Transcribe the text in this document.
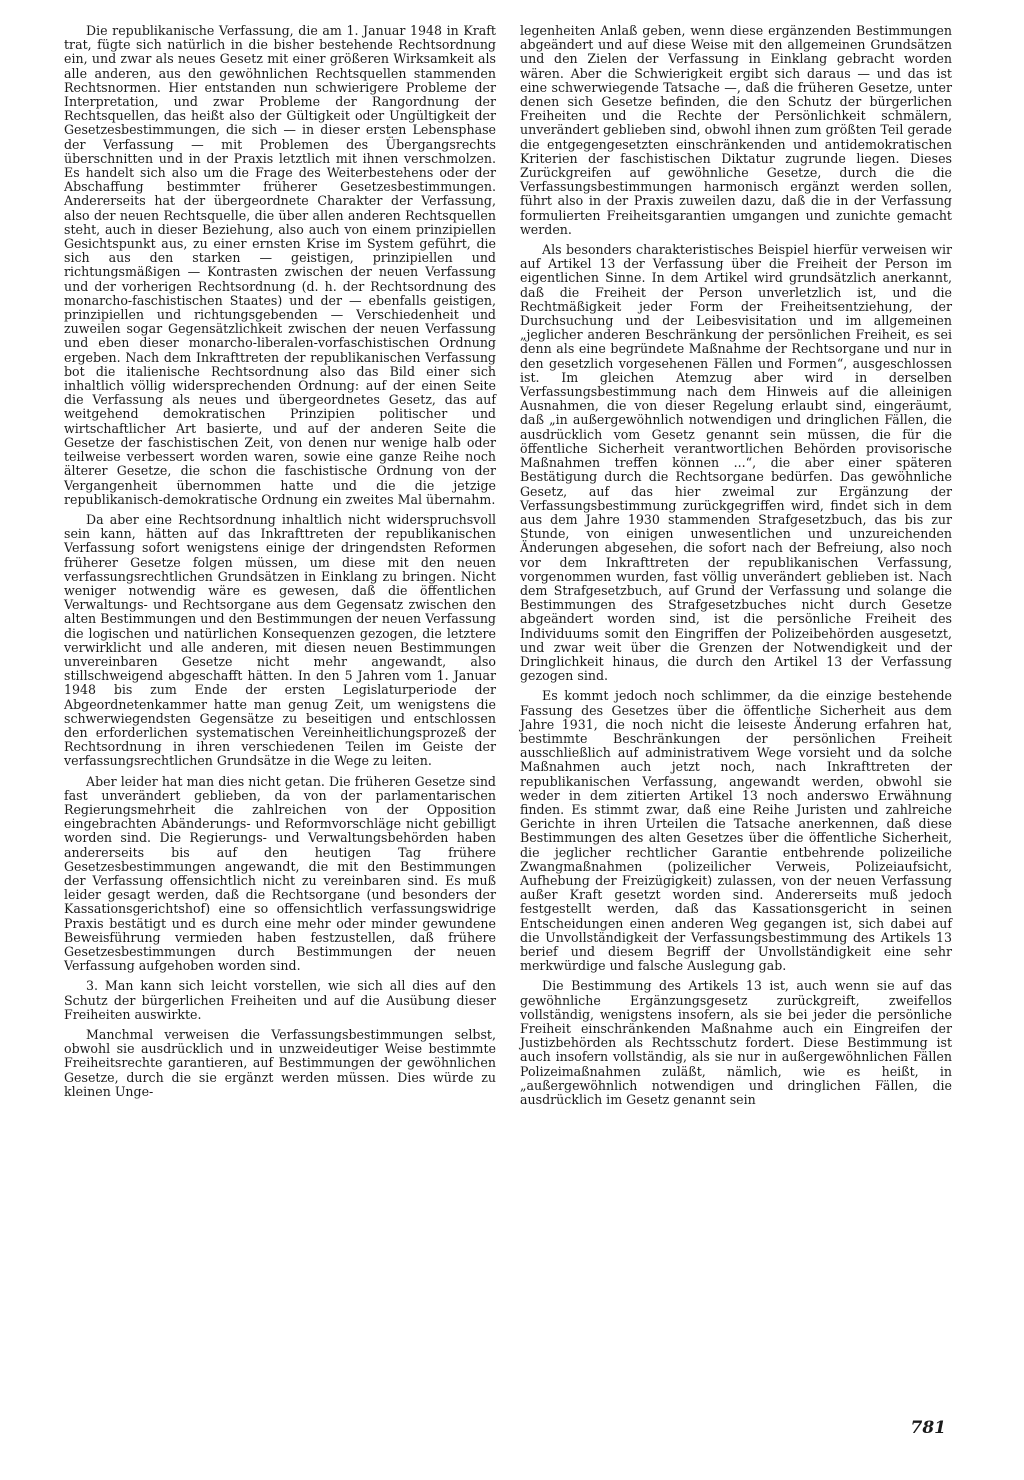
Die republikanische Verfassung, die am 1. Januar 1948 in Kraft trat, fügte sich natürlich in die bisher bestehende Rechtsordnung ein, und zwar als neues Gesetz mit einer größeren Wirksamkeit als alle anderen, aus den gewöhnlichen Rechtsquellen stammenden Rechtsnormen. Hier entstanden nun schwierigere Probleme der Interpretation, und zwar Probleme der Rangordnung der Rechtsquellen, das heißt also der Gültigkeit oder Ungültigkeit der Gesetzesbestimmungen, die sich — in dieser ersten Lebensphase der Verfassung — mit Problemen des Übergangsrechts überschnitten und in der Praxis letztlich mit ihnen verschmolzen. Es handelt sich also um die Frage des Weiterbestehens oder der Abschaffung bestimmter früherer Gesetzesbestimmungen. Andererseits hat der übergeordnete Charakter der Verfassung, also der neuen Rechtsquelle, die über allen anderen Rechtsquellen steht, auch in dieser Beziehung, also auch von einem prinzipiellen Gesichtspunkt aus, zu einer ernsten Krise im System geführt, die sich aus den starken — geistigen, prinzipiellen und richtungsmäßigen — Kontrasten zwischen der neuen Verfassung und der vorherigen Rechtsordnung (d. h. der Rechtsordnung des monarcho-faschistischen Staates) und der — ebenfalls geistigen, prinzipiellen und richtungsgebenden — Verschiedenheit und zuweilen sogar Gegensätzlichkeit zwischen der neuen Verfassung und eben dieser monarcho-liberalen-vorfaschistischen Ordnung ergeben. Nach dem Inkrafttreten der republikanischen Verfassung bot die italienische Rechtsordnung also das Bild einer sich inhaltlich völlig widersprechenden Ordnung: auf der einen Seite die Verfassung als neues und übergeordnetes Gesetz, das auf weitgehend demokratischen Prinzipien politischer und wirtschaftlicher Art basierte, und auf der anderen Seite die Gesetze der faschistischen Zeit, von denen nur wenige halb oder teilweise verbessert worden waren, sowie eine ganze Reihe noch älterer Gesetze, die schon die faschistische Ordnung von der Vergangenheit übernommen hatte und die die jetzige republikanisch-demokratische Ordnung ein zweites Mal übernahm.

Da aber eine Rechtsordnung inhaltlich nicht widerspruchsvoll sein kann, hätten auf das Inkrafttreten der republikanischen Verfassung sofort wenigstens einige der dringendsten Reformen früherer Gesetze folgen müssen, um diese mit den neuen verfassungsrechtlichen Grundsätzen in Einklang zu bringen. Nicht weniger notwendig wäre es gewesen, daß die öffentlichen Verwaltungs- und Rechtsorgane aus dem Gegensatz zwischen den alten Bestimmungen und den Bestimmungen der neuen Verfassung die logischen und natürlichen Konsequenzen gezogen, die letztere verwirklicht und alle anderen, mit diesen neuen Bestimmungen unvereinbaren Gesetze nicht mehr angewandt, also stillschweigend abgeschafft hätten. In den 5 Jahren vom 1. Januar 1948 bis zum Ende der ersten Legislaturperiode der Abgeordnetenkammer hatte man genug Zeit, um wenigstens die schwerwiegendsten Gegensätze zu beseitigen und entschlossen den erforderlichen systematischen Vereinheitlichungsprozeß der Rechtsordnung in ihren verschiedenen Teilen im Geiste der verfassungsrechtlichen Grundsätze in die Wege zu leiten.

Aber leider hat man dies nicht getan. Die früheren Gesetze sind fast unverändert geblieben, da von der parlamentarischen Regierungsmehrheit die zahlreichen von der Opposition eingebrachten Abänderungs- und Reformvorschläge nicht gebilligt worden sind. Die Regierungs- und Verwaltungsbehörden haben andererseits bis auf den heutigen Tag frühere Gesetzesbestimmungen angewandt, die mit den Bestimmungen der Verfassung offensichtlich nicht zu vereinbaren sind. Es muß leider gesagt werden, daß die Rechtsorgane (und besonders der Kassationsgerichtshof) eine so offensichtlich verfassungswidrige Praxis bestätigt und es durch eine mehr oder minder gewundene Beweisführung vermieden haben festzustellen, daß frühere Gesetzesbestimmungen durch Bestimmungen der neuen Verfassung aufgehoben worden sind.

3. Man kann sich leicht vorstellen, wie sich all dies auf den Schutz der bürgerlichen Freiheiten und auf die Ausübung dieser Freiheiten auswirkte.

Manchmal verweisen die Verfassungsbestimmungen selbst, obwohl sie ausdrücklich und in unzweideutiger Weise bestimmte Freiheitsrechte garantieren, auf Bestimmungen der gewöhnlichen Gesetze, durch die sie ergänzt werden müssen. Dies würde zu kleinen Unge-

legenheiten Anlaß geben, wenn diese ergänzenden Bestimmungen abgeändert und auf diese Weise mit den allgemeinen Grundsätzen und den Zielen der Verfassung in Einklang gebracht worden wären. Aber die Schwierigkeit ergibt sich daraus — und das ist eine schwerwiegende Tatsache —, daß die früheren Gesetze, unter denen sich Gesetze befinden, die den Schutz der bürgerlichen Freiheiten und die Rechte der Persönlichkeit schmälern, unverändert geblieben sind, obwohl ihnen zum größten Teil gerade die entgegengesetzten einschränkenden und antidemokratischen Kriterien der faschistischen Diktatur zugrunde liegen. Dieses Zurückgreifen auf gewöhnliche Gesetze, durch die die Verfassungsbestimmungen harmonisch ergänzt werden sollen, führt also in der Praxis zuweilen dazu, daß die in der Verfassung formulierten Freiheitsgarantien umgangen und zunichte gemacht werden.

Als besonders charakteristisches Beispiel hierfür verweisen wir auf Artikel 13 der Verfassung über die Freiheit der Person im eigentlichen Sinne. In dem Artikel wird grundsätzlich anerkannt, daß die Freiheit der Person unverletzlich ist, und die Rechtmäßigkeit jeder Form der Freiheitsentziehung, der Durchsuchung und der Leibesvisitation und im allgemeinen „jeglicher anderen Beschränkung der persönlichen Freiheit, es sei denn als eine begründete Maßnahme der Rechtsorgane und nur in den gesetzlich vorgesehenen Fällen und Formen“, ausgeschlossen ist. Im gleichen Atemzug aber wird in derselben Verfassungsbestimmung nach dem Hinweis auf die alleinigen Ausnahmen, die von dieser Regelung erlaubt sind, eingeräumt, daß „in außergewöhnlich notwendigen und dringlichen Fällen, die ausdrücklich vom Gesetz genannt sein müssen, die für die öffentliche Sicherheit verantwortlichen Behörden provisorische Maßnahmen treffen können ...“, die aber einer späteren Bestätigung durch die Rechtsorgane bedürfen. Das gewöhnliche Gesetz, auf das hier zweimal zur Ergänzung der Verfassungsbestimmung zurückgegriffen wird, findet sich in dem aus dem Jahre 1930 stammenden Strafgesetzbuch, das bis zur Stunde, von einigen unwesentlichen und unzureichenden Änderungen abgesehen, die sofort nach der Befreiung, also noch vor dem Inkrafttreten der republikanischen Verfassung, vorgenommen wurden, fast völlig unverändert geblieben ist. Nach dem Strafgesetzbuch, auf Grund der Verfassung und solange die Bestimmungen des Strafgesetzbuches nicht durch Gesetze abgeändert worden sind, ist die persönliche Freiheit des Individuums somit den Eingriffen der Polizeibehörden ausgesetzt, und zwar weit über die Grenzen der Notwendigkeit und der Dringlichkeit hinaus, die durch den Artikel 13 der Verfassung gezogen sind.

Es kommt jedoch noch schlimmer, da die einzige bestehende Fassung des Gesetzes über die öffentliche Sicherheit aus dem Jahre 1931, die noch nicht die leiseste Änderung erfahren hat, bestimmte Beschränkungen der persönlichen Freiheit ausschließlich auf administrativem Wege vorsieht und da solche Maßnahmen auch jetzt noch, nach Inkrafttreten der republikanischen Verfassung, angewandt werden, obwohl sie weder in dem zitierten Artikel 13 noch anderswo Erwähnung finden. Es stimmt zwar, daß eine Reihe Juristen und zahlreiche Gerichte in ihren Urteilen die Tatsache anerkennen, daß diese Bestimmungen des alten Gesetzes über die öffentliche Sicherheit, die jeglicher rechtlicher Garantie entbehrende polizeiliche Zwangmaßnahmen (polizeilicher Verweis, Polizeiaufsicht, Aufhebung der Freizügigkeit) zulassen, von der neuen Verfassung außer Kraft gesetzt worden sind. Andererseits muß jedoch festgestellt werden, daß das Kassationsgericht in seinen Entscheidungen einen anderen Weg gegangen ist, sich dabei auf die Unvollständigkeit der Verfassungsbestimmung des Artikels 13 berief und diesem Begriff der Unvollständigkeit eine sehr merkwürdige und falsche Auslegung gab.

Die Bestimmung des Artikels 13 ist, auch wenn sie auf das gewöhnliche Ergänzungsgesetz zurückgreift, zweifellos vollständig, wenigstens insofern, als sie bei jeder die persönliche Freiheit einschränkenden Maßnahme auch ein Eingreifen der Justizbehörden als Rechtsschutz fordert. Diese Bestimmung ist auch insofern vollständig, als sie nur in außergewöhnlichen Fällen Polizeimaßnahmen zuläßt, nämlich, wie es heißt, in „außergewöhnlich notwendigen und dringlichen Fällen, die ausdrücklich im Gesetz genannt sein

781
